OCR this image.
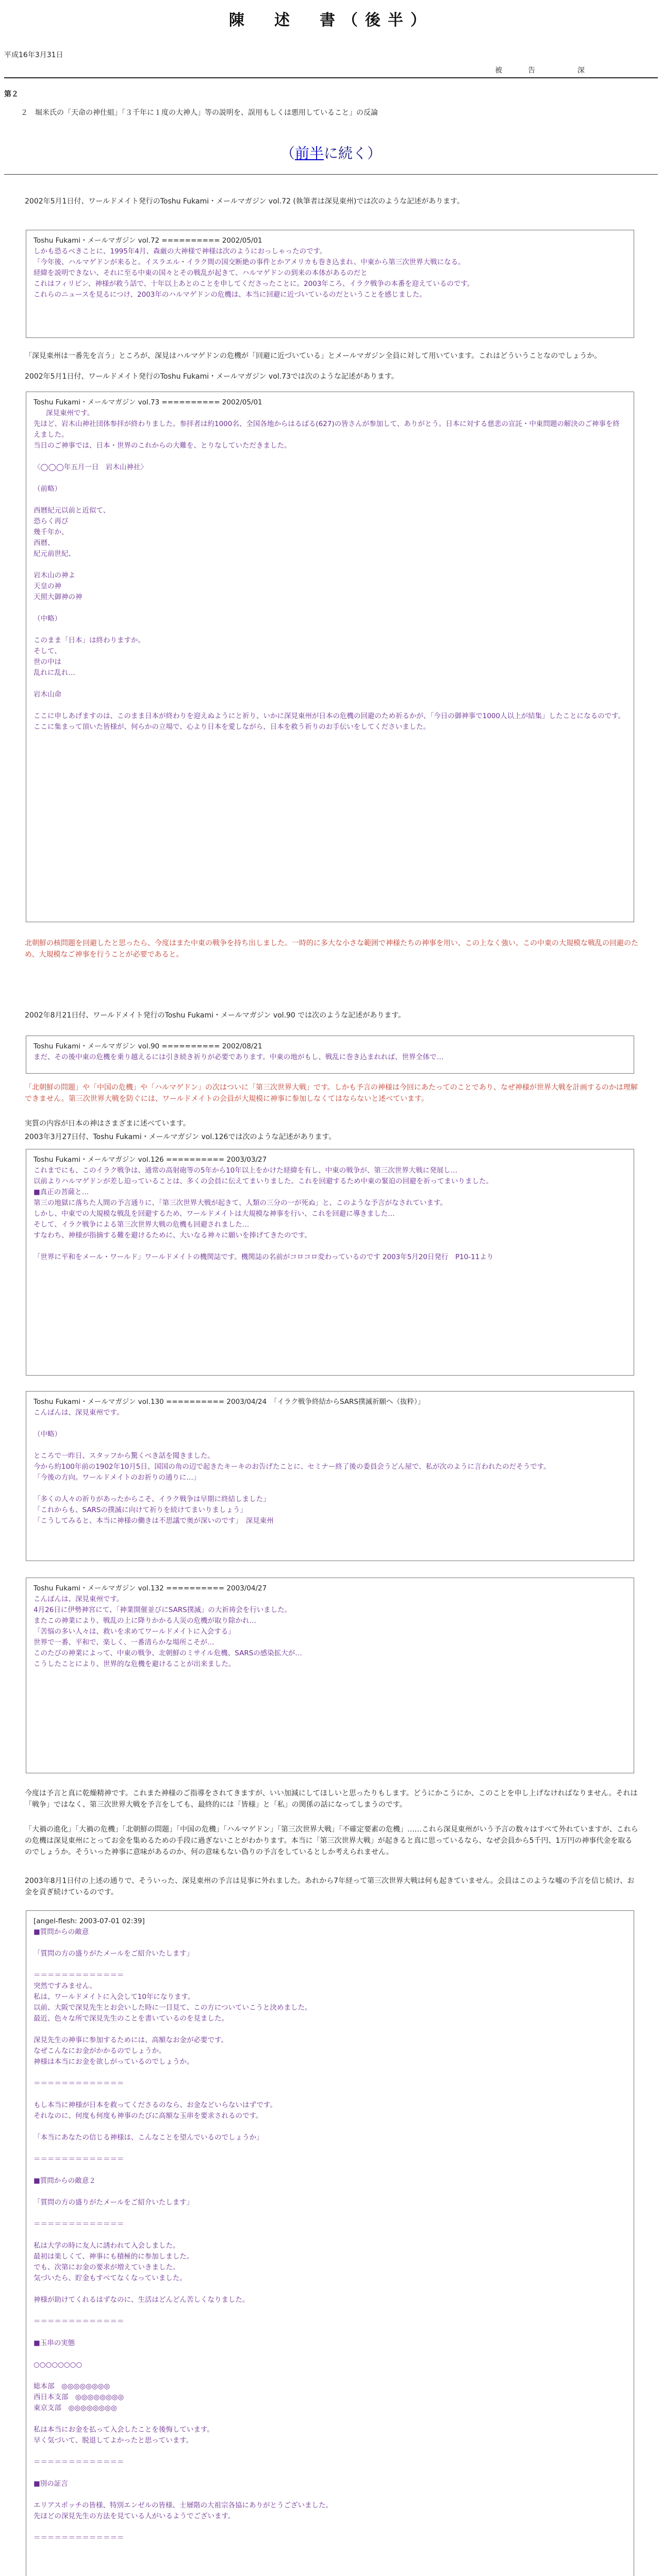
陳　述　書（後半）
平成16年3月31日
被　告　　深
第２
２　堀米氏の「天命の神仕組」「３千年に１度の大神人」等の説明を、誤用もしくは悪用していること」の反論
（前半に続く）
2002年5月1日付、ワールドメイト発行のToshu Fukami・メールマガジン vol.72 (執筆者は深見東州)では次のような記述があります。
Toshu Fukami・メールマガジン vol.72 ========== 2002/05/01
しかも恐るべきことに、1995年4月、森厳の大神様で神様は次のようにおっしゃったのです。
「今年後、ハルマゲドンが来ると。イスラエル・イラク間の国交断絶の事件とかアメリカも巻き込まれ、中東から第三次世界大戦になる。
経緯を説明できない、それに至る中東の国々とその戦乱が起きて、ハルマゲドンの到来の本体があるのだと
これはフィリピン、神様が救う話で、十年以上あとのことを申してくださったことに。2003年ころ、イラク戦争の本番を迎えているのです。
これらのニュースを見るにつけ、2003年のハルマゲドンの危機は、本当に回避に近づいているのだということを感じました。
「深見東州は一番先を言う」ところが、深見はハルマゲドンの危機が「回避に近づいている」とメールマガジン全員に対して用いています。これはどういうことなのでしょうか。
2002年5月1日付、ワールドメイト発行のToshu Fukami・メールマガジン vol.73では次のような記述があります。
Toshu Fukami・メールマガジン vol.73 ========== 2002/05/01
深見東州です。
先ほど、岩木山神社団体参拝が終わりました。参拝者は約1000名、全国各地からはるばる(627)の皆さんが参加して、ありがとう。日本に対する慈悲の宣託・中東問題の解決のご神事を終えました。
当日のご神事では、日本・世界のこれからの大難を、とりなしていただきました。

〈◯◯◯年五月一日　岩木山神社〉

（前略）

西暦紀元以前と近似て、
恐らく再び
幾千年か、
西暦、
紀元前世紀、

岩木山の神よ
天皇の神
天照大御神の神

（中略）

このまま「日本」は終わりますか。
そして、
世の中は
乱れに乱れ…

岩木山命

ここに申しあげますのは、このまま日本が終わりを迎えぬようにと祈り、いかに深見東州が日本の危機の回避のため祈るかが、「今日の御神事で1000人以上が結集」したことになるのです。
ここに集まって頂いた皆様が、何らかの立場で、心より日本を愛しながら、日本を救う祈りのお手伝いをしてくださいました。
北朝鮮の核問題を回避したと思ったら、今度はまた中東の戦争を持ち出しました。一時的に多大な小さな範囲で神様たちの神事を用い、この上なく強い、この中東の大規模な戦乱の回避のため、大規模なご神事を行うことが必要であると。
2002年8月21日付、ワールドメイト発行のToshu Fukami・メールマガジン vol.90 では次のような記述があります。
Toshu Fukami・メールマガジン vol.90 ========== 2002/08/21
まだ、その後中東の危機を乗り越えるには引き続き祈りが必要であります。中東の地がもし、戦乱に巻き込まれれば、世界全体で…
「北朝鮮の問題」や「中国の危機」や「ハルマゲドン」の次はついに「第三次世界大戦」です。しかも予言の神様は今回にあたってのことであり、なぜ神様が世界大戦を計画するのかは理解できません。第三次世界大戦を防ぐには、ワールドメイトの会員が大規模に神事に参加しなくてはならないと述べています。
実質の内容が日本の神はさまざまに述べています。
2003年3月27日付、Toshu Fukami・メールマガジン vol.126では次のような記述があります。
Toshu Fukami・メールマガジン vol.126 ========== 2003/03/27
これまでにも、このイラク戦争は、通常の高射砲等の5年から10年以上をかけた経緯を有し、中東の戦争が、第三次世界大戦に発展し…
以前よりハルマゲドンが差し迫っていることは、多くの会員に伝えてまいりました。これを回避するため中東の緊迫の回避を祈ってまいりました。
■真正の菩薩と…
第三の地獄に落ちた人間の予言通りに、「第三次世界大戦が起きて、人類の三分の一が死ぬ」と、このような予言がなされています。
しかし、中東での大規模な戦乱を回避するため、ワールドメイトは大規模な神事を行い、これを回避に導きました…
そして、イラク戦争による第三次世界大戦の危機も回避されました…
すなわち、神様が指摘する難を避けるために、大いなる神々に願いを捧げてきたのです。

「世界に平和をメール・ワールド」ワールドメイトの機関誌です。機関誌の名前がコロコロ変わっているのです 2003年5月20日発行　P10-11より
Toshu Fukami・メールマガジン vol.130 ========== 2003/04/24　「イラク戦争終結からSARS撲滅祈願へ（抜粋）」
こんばんは、深見東州です。

（中略）

ところで一昨日、スタッフから驚くべき話を聞きました。
今から約100年前の1902年10月5日、国国の角の辺で起きたキーキのお告げたことに、セミナー終了後の委員会うどん屋で、私が次のように言われたのだそうです。
「今後の方向。ワールドメイトのお祈りの通りに…」

「多くの人々の祈りがあったからこそ、イラク戦争は早期に終結しました」
「これからも、SARSの撲滅に向けて祈りを続けてまいりましょう」
「こうしてみると、本当に神様の働きは不思議で奥が深いのです」　深見東州
Toshu Fukami・メールマガジン vol.132 ========== 2003/04/27
こんばんは、深見東州です。
4月26日に伊勢神宮にて、「神業開催並びにSARS撲滅」の大祈祷会を行いました。
またこの神業により、戦乱の上に降りかかる人災の危機が取り除かれ…
「苦悩の多い人々は、救いを求めてワールドメイトに入会する」
世界で一番、平和で、楽しく、一番清らかな場所こそが…
このたびの神業によって、中東の戦争、北朝鮮のミサイル危機、SARSの感染拡大が…
こうしたことにより、世界的な危機を避けることが出来ました。
今度は予言と真に乾燥精神です。これまた神様のご指導をされてきますが、いい加減にしてほしいと思ったりもします。どうにかこうにか、このことを申し上げなければなりません。それは「戦争」ではなく、第三次世界大戦を予言をしても、最終的には「皆様」と「私」の関係の話になってしまうのです。
「大禍の進化」「大禍の危機」「北朝鮮の問題」「中国の危機」「ハルマゲドン」「第三次世界大戦」「不確定要素の危機」……これら深見東州がいう予言の数々はすべて外れていますが、これらの危機は深見東州にとってお金を集めるための手段に過ぎないことがわかります。本当に「第三次世界大戦」が起きると真に思っているなら、なぜ会員から5千円、1万円の神事代金を取るのでしょうか。そういった神事に意味があるのか、何の意味もない偽りの予言をしているとしか考えられません。
2003年8月1日付の上述の通りで、そういった、深見東州の予言は見事に外れました。あれから7年経って第三次世界大戦は何も起きていません。会員はこのような嘘の予言を信じ続け、お金を貢ぎ続けているのです。
[angel-flesh: 2003-07-01 02:39]
■質問からの敵意

「質問の方の盛りがたメールをご紹介いたします」

＝＝＝＝＝＝＝＝＝＝＝＝＝
突然ですみません。
私は、ワールドメイトに入会して10年になります。
以前、大阪で深見先生とお会いした時に一目見て、この方についていこうと決めました。
最近、色々な所で深見先生のことを書いているのを見ました。

深見先生の神事に参加するためには、高額なお金が必要です。
なぜこんなにお金がかかるのでしょうか。
神様は本当にお金を欲しがっているのでしょうか。

＝＝＝＝＝＝＝＝＝＝＝＝＝

もし本当に神様が日本を救ってくださるのなら、お金などいらないはずです。
それなのに、何度も何度も神事のたびに高額な玉串を要求されるのです。

「本当にあなたの信じる神様は、こんなことを望んでいるのでしょうか」

＝＝＝＝＝＝＝＝＝＝＝＝＝

■質問からの敵意２

「質問の方の盛りがたメールをご紹介いたします」

＝＝＝＝＝＝＝＝＝＝＝＝＝

私は大学の時に友人に誘われて入会しました。
最初は楽しくて、神事にも積極的に参加しました。
でも、次第にお金の要求が増えていきました。
気づいたら、貯金もすべてなくなっていました。

神様が助けてくれるはずなのに、生活はどんどん苦しくなりました。

＝＝＝＝＝＝＝＝＝＝＝＝＝

■玉串の実態

○○○○○○○○

総本部　◎◎◎◎◎◎◎◎
西日本支部　◎◎◎◎◎◎◎◎
東京支部　◎◎◎◎◎◎◎◎

私は本当にお金を払って入会したことを後悔しています。
早く気づいて、脱退してよかったと思っています。

＝＝＝＝＝＝＝＝＝＝＝＝＝

■別の証言

エリアスポッチの皆様、特別エンゼルの皆様、士層階の大祖宗各協にありがとうございました。
先ほどの深見先生の方法を見ている人がいるようでございます。

＝＝＝＝＝＝＝＝＝＝＝＝＝
